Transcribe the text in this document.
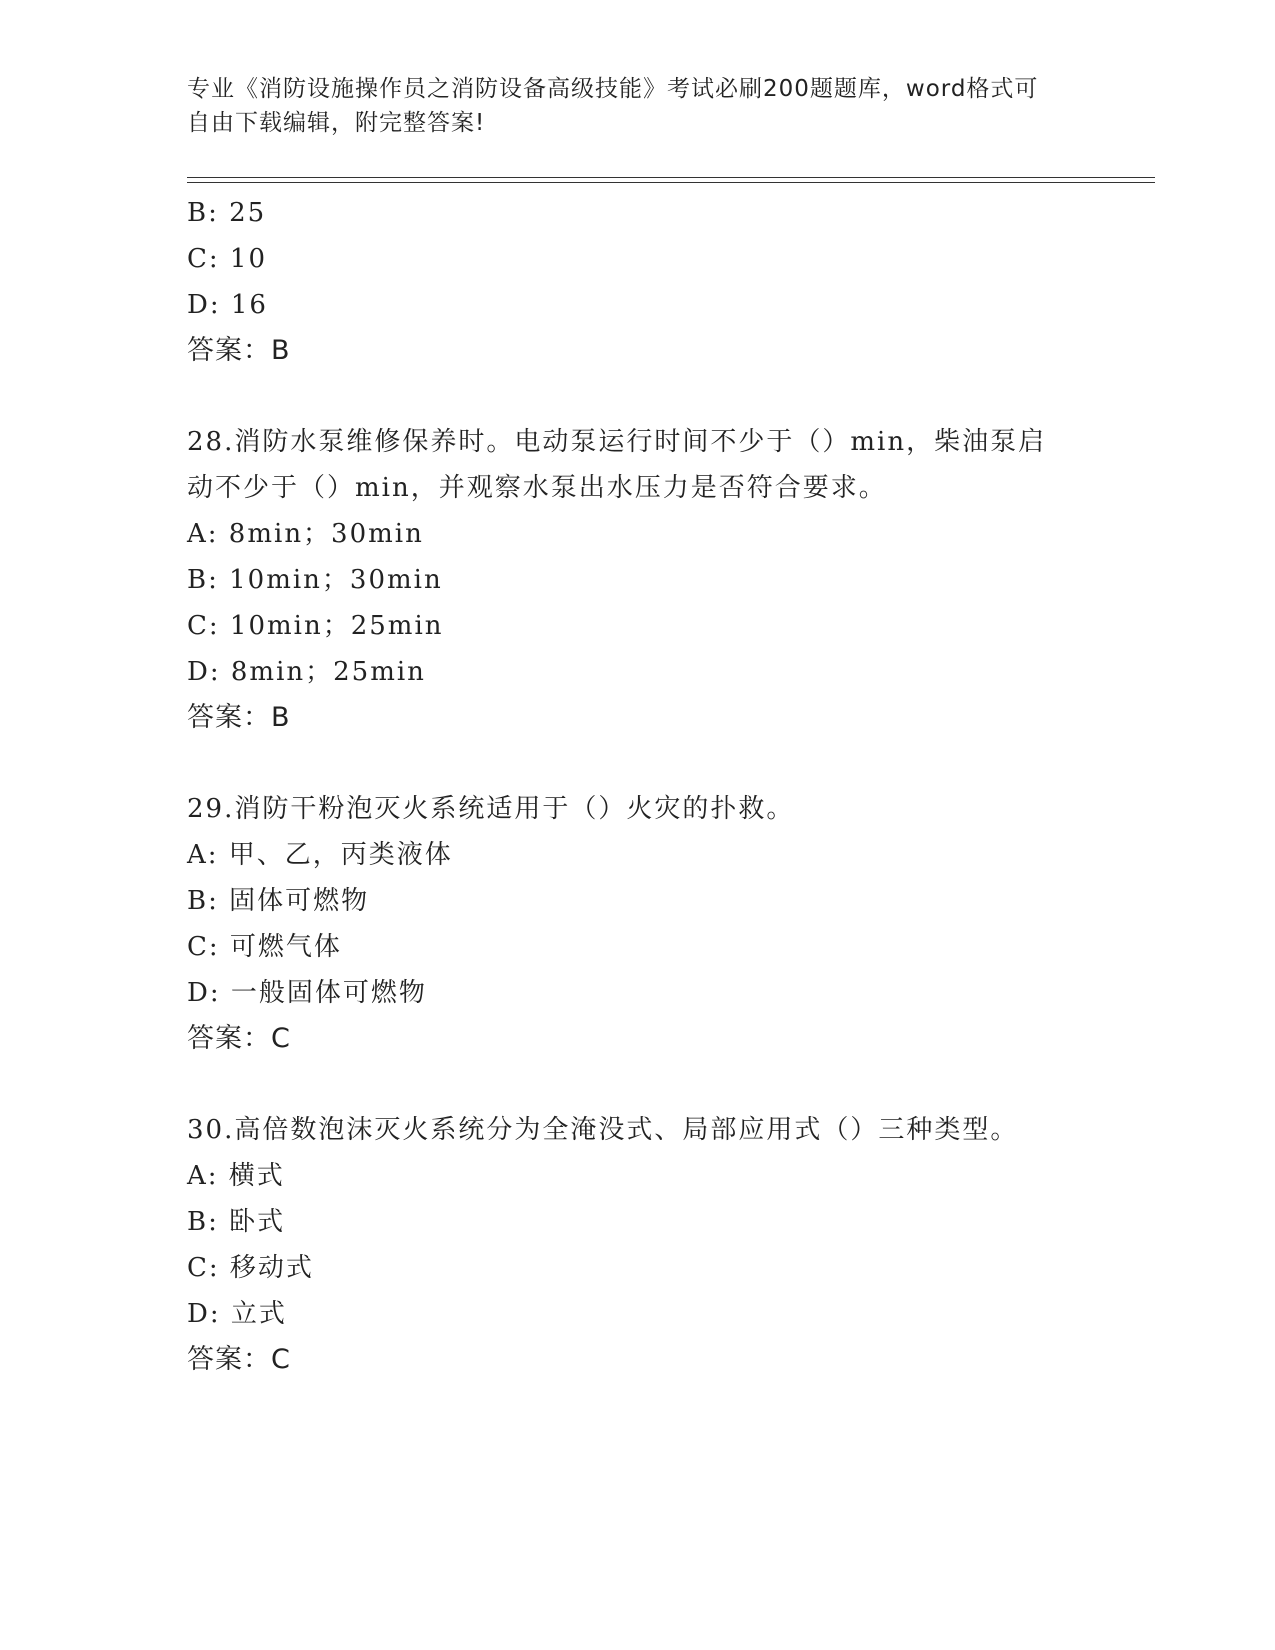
专业《消防设施操作员之消防设备高级技能》考试必刷200题题库，word格式可
自由下载编辑，附完整答案!
B: 25
C: 10
D: 16
答案：B
28.消防水泵维修保养时。电动泵运行时间不少于（）min，柴油泵启
动不少于（）min，并观察水泵出水压力是否符合要求。
A: 8min；30min
B: 10min；30min
C: 10min；25min
D: 8min；25min
答案：B
29.消防干粉泡灭火系统适用于（）火灾的扑救。
A: 甲、乙，丙类液体
B: 固体可燃物
C: 可燃气体
D: 一般固体可燃物
答案：C
30.高倍数泡沫灭火系统分为全淹没式、局部应用式（）三种类型。
A: 横式
B: 卧式
C: 移动式
D: 立式
答案：C
